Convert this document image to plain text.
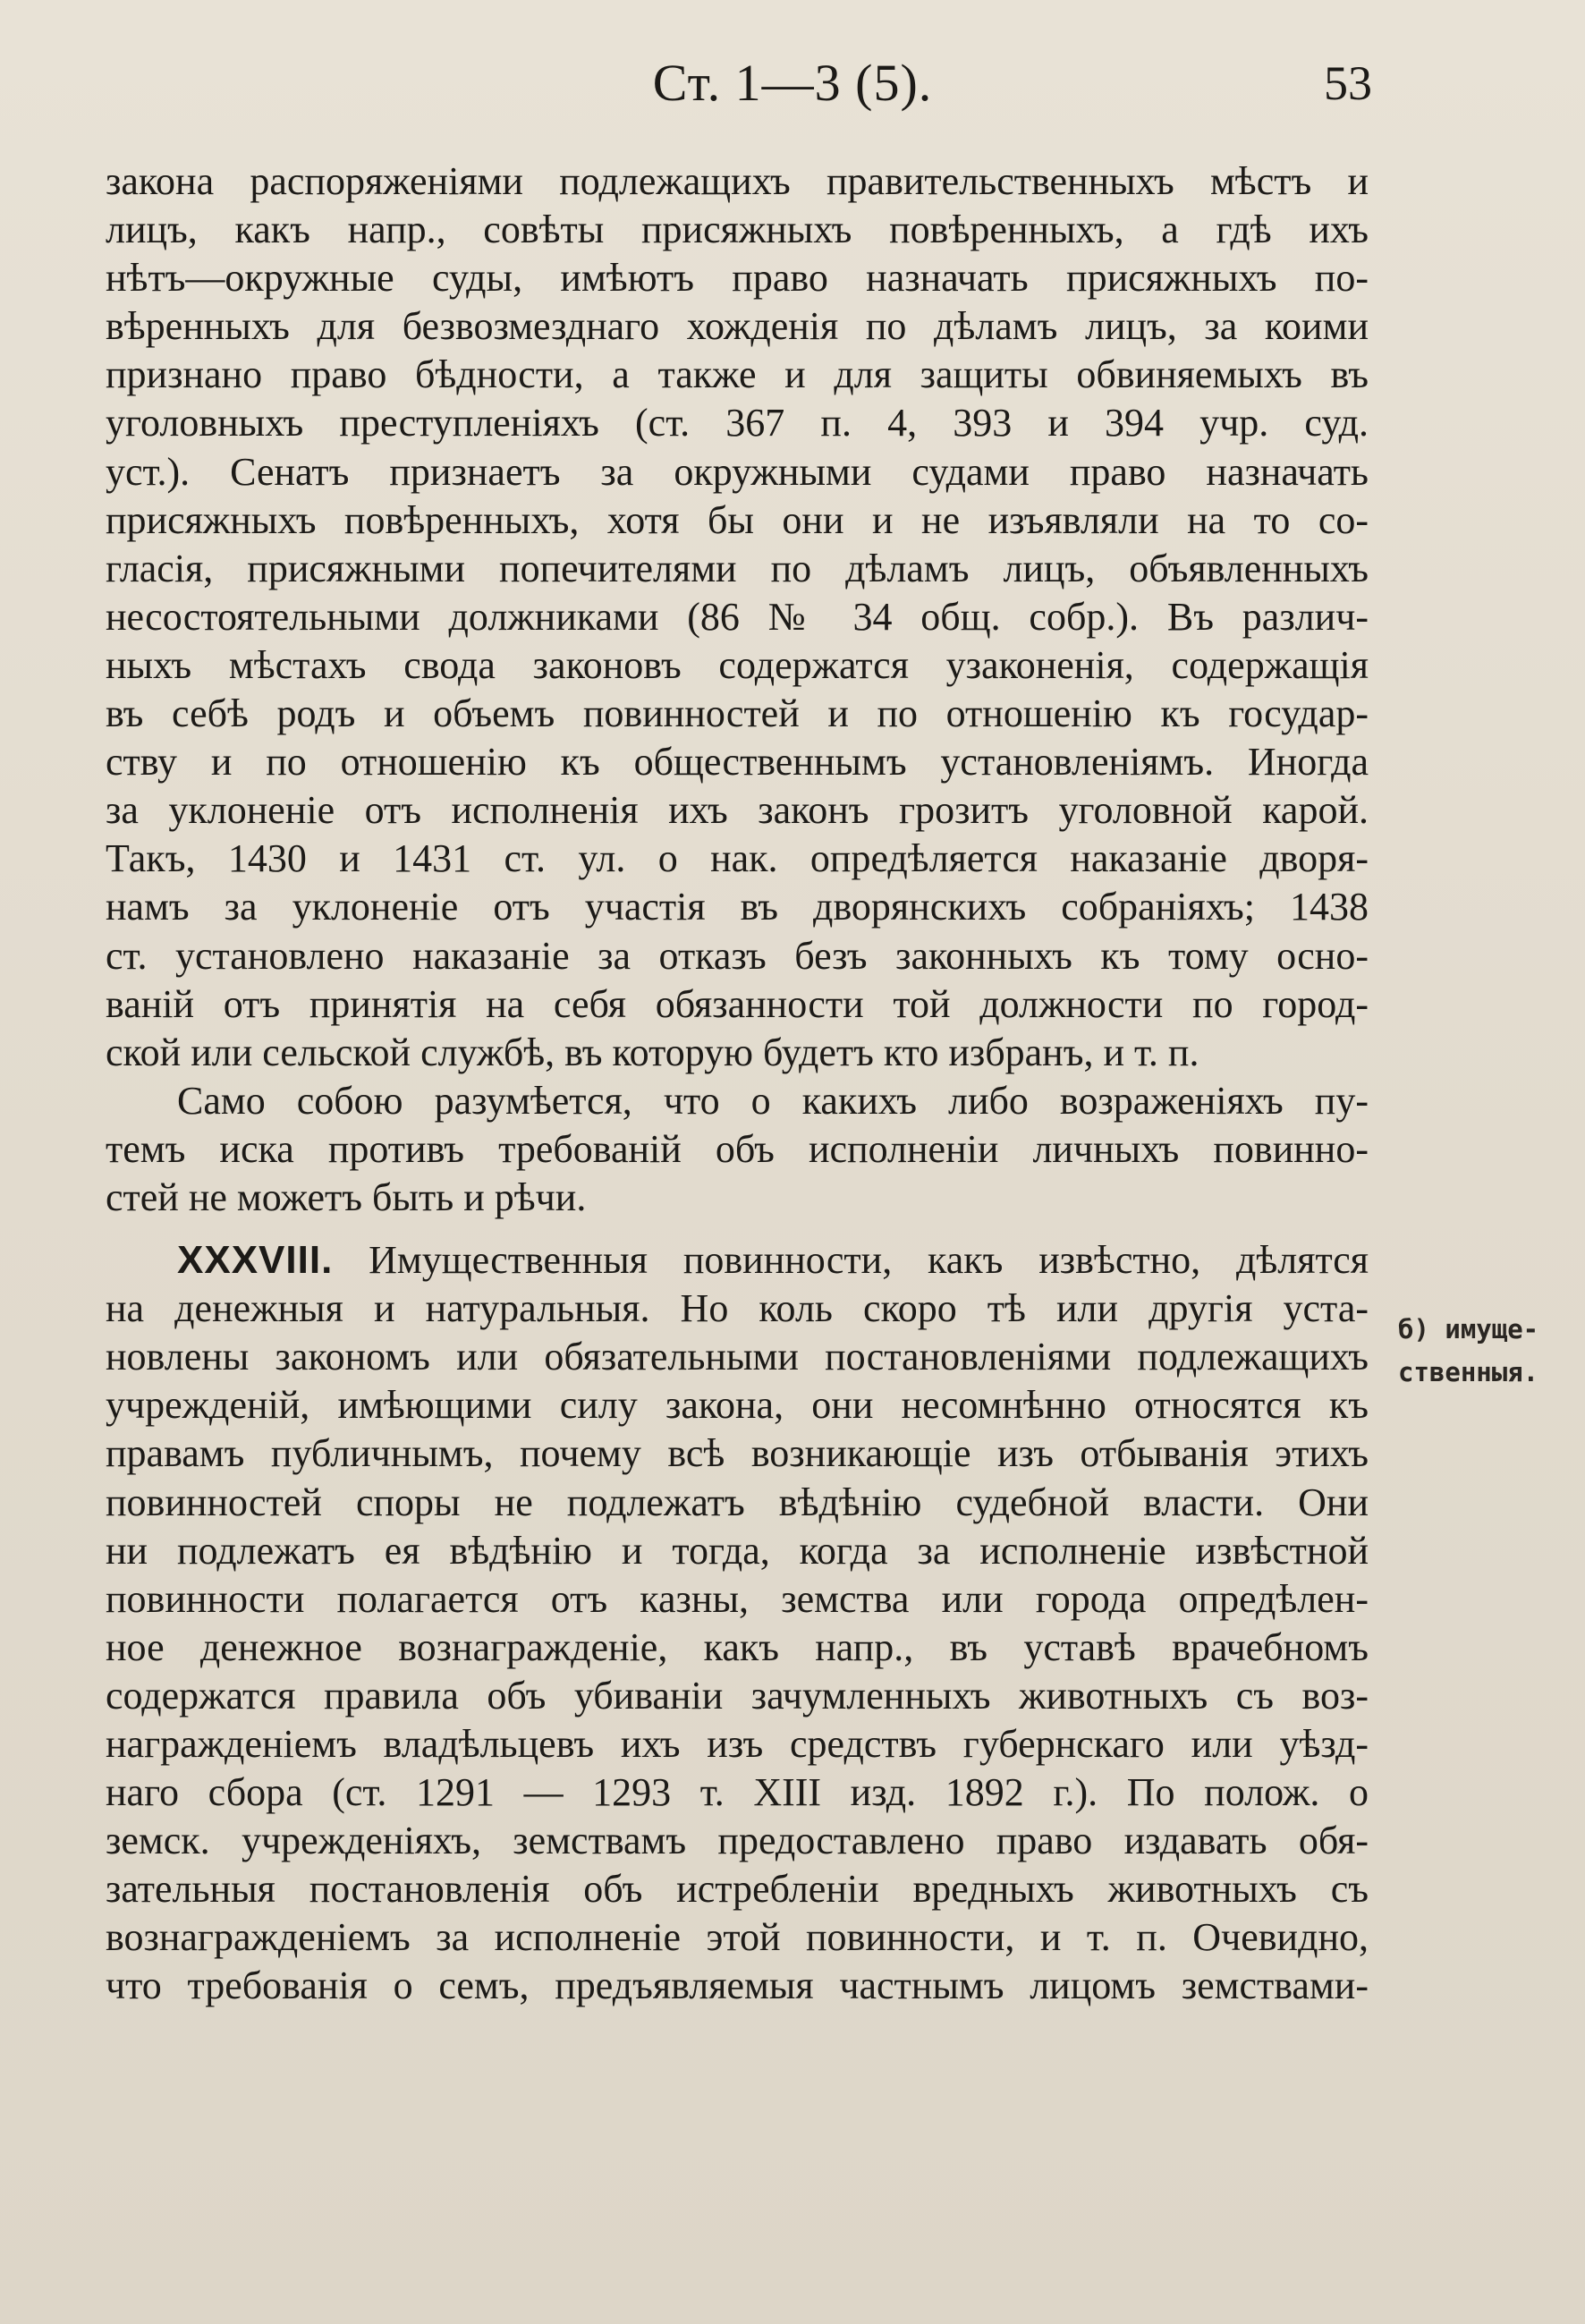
Ст. 1—3 (5).	53
закона распоряженіями подлежащихъ правительственныхъ мѣстъ и
лицъ, какъ напр., совѣты присяжныхъ повѣренныхъ, а гдѣ ихъ
нѣтъ—окружные суды, имѣютъ право назначать присяжныхъ по-
вѣренныхъ для безвозмезднаго хожденія по дѣламъ лицъ, за коими
признано право бѣдности, а также и для защиты обвиняемыхъ въ
уголовныхъ преступленіяхъ (ст. 367 п. 4, 393 и 394 учр. суд.
уст.). Сенатъ признаетъ за окружными судами право назначать
присяжныхъ повѣренныхъ, хотя бы они и не изъявляли на то со-
гласія, присяжными попечителями по дѣламъ лицъ, объявленныхъ
несостоятельными должниками (86 № 34 общ. собр.). Въ различ-
ныхъ мѣстахъ свода законовъ содержатся узаконенія, содержащія
въ себѣ родъ и объемъ повинностей и по отношенію къ государ-
ству и по отношенію къ общественнымъ установленіямъ. Иногда
за уклоненіе отъ исполненія ихъ законъ грозитъ уголовной карой.
Такъ, 1430 и 1431 ст. ул. о нак. опредѣляется наказаніе дворя-
намъ за уклоненіе отъ участія въ дворянскихъ собраніяхъ; 1438
ст. установлено наказаніе за отказъ безъ законныхъ къ тому осно-
ваній отъ принятія на себя обязанности той должности по город-
ской или сельской службѣ, въ которую будетъ кто избранъ, и т. п.
Само собою разумѣется, что о какихъ либо возраженіяхъ пу-
темъ иска противъ требованій объ исполненіи личныхъ повинно-
стей не можетъ быть и рѣчи.
XXXVIII. Имущественныя повинности, какъ извѣстно, дѣлятся
на денежныя и натуральныя. Но коль скоро тѣ или другія уста-
новлены закономъ или обязательными постановленіями подлежащихъ
учрежденій, имѣющими силу закона, они несомнѣнно относятся къ
правамъ публичнымъ, почему всѣ возникающіе изъ отбыванія этихъ
повинностей споры не подлежатъ вѣдѣнію судебной власти. Они
ни подлежатъ ея вѣдѣнію и тогда, когда за исполненіе извѣстной
повинности полагается отъ казны, земства или города опредѣлен-
ное денежное вознагражденіе, какъ напр., въ уставѣ врачебномъ
содержатся правила объ убиваніи зачумленныхъ животныхъ съ воз-
награжденіемъ владѣльцевъ ихъ изъ средствъ губернскаго или уѣзд-
наго сбора (ст. 1291 — 1293 т. XIII изд. 1892 г.). По полож. о
земск. учрежденіяхъ, земствамъ предоставлено право издавать обя-
зательныя постановленія объ истребленіи вредныхъ животныхъ съ
вознагражденіемъ за исполненіе этой повинности, и т. п. Очевидно,
что требованія о семъ, предъявляемыя частнымъ лицомъ земствами-
б) имуще-
ственныя.
